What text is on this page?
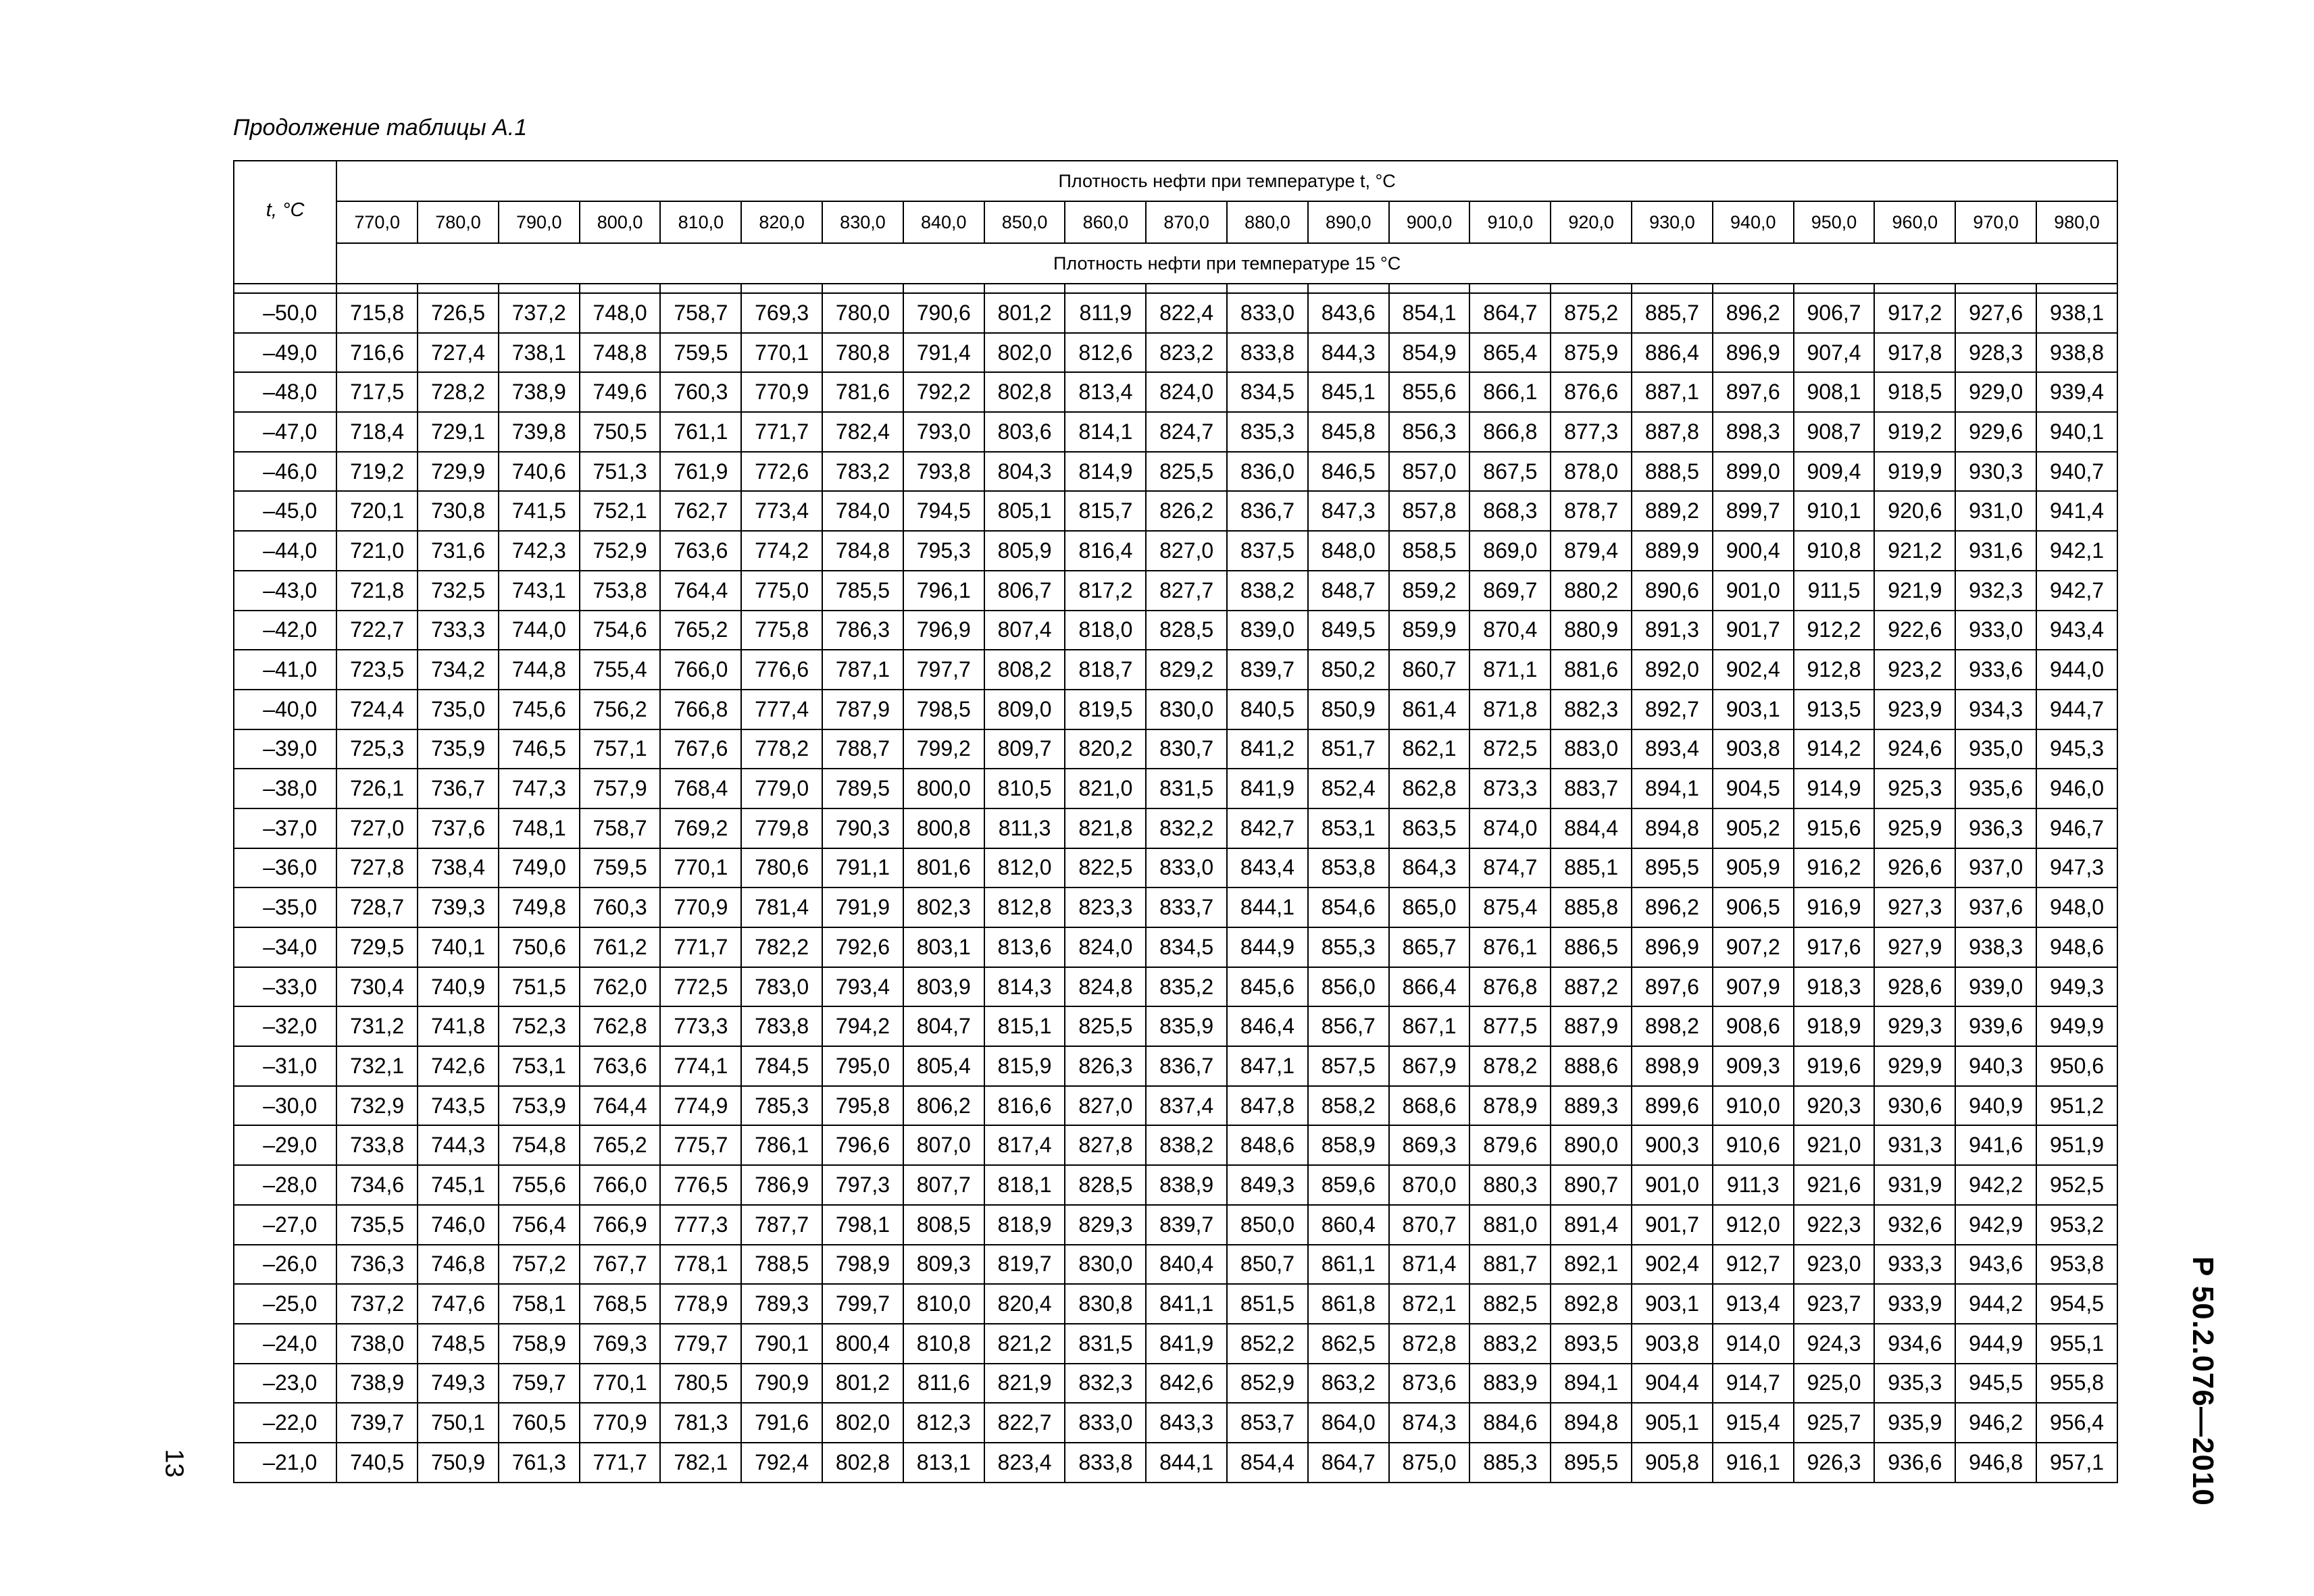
Продолжение таблицы А.1
t, °C	Плотность нефти при температуре t, °C																					
	770,0	780,0	790,0	800,0	810,0	820,0	830,0	840,0	850,0	860,0	870,0	880,0	890,0	900,0	910,0	920,0	930,0	940,0	950,0	960,0	970,0	980,0
	Плотность нефти при температуре 15 °C																					

–50,0	715,8	726,5	737,2	748,0	758,7	769,3	780,0	790,6	801,2	811,9	822,4	833,0	843,6	854,1	864,7	875,2	885,7	896,2	906,7	917,2	927,6	938,1
–49,0	716,6	727,4	738,1	748,8	759,5	770,1	780,8	791,4	802,0	812,6	823,2	833,8	844,3	854,9	865,4	875,9	886,4	896,9	907,4	917,8	928,3	938,8
–48,0	717,5	728,2	738,9	749,6	760,3	770,9	781,6	792,2	802,8	813,4	824,0	834,5	845,1	855,6	866,1	876,6	887,1	897,6	908,1	918,5	929,0	939,4
–47,0	718,4	729,1	739,8	750,5	761,1	771,7	782,4	793,0	803,6	814,1	824,7	835,3	845,8	856,3	866,8	877,3	887,8	898,3	908,7	919,2	929,6	940,1
–46,0	719,2	729,9	740,6	751,3	761,9	772,6	783,2	793,8	804,3	814,9	825,5	836,0	846,5	857,0	867,5	878,0	888,5	899,0	909,4	919,9	930,3	940,7
–45,0	720,1	730,8	741,5	752,1	762,7	773,4	784,0	794,5	805,1	815,7	826,2	836,7	847,3	857,8	868,3	878,7	889,2	899,7	910,1	920,6	931,0	941,4
–44,0	721,0	731,6	742,3	752,9	763,6	774,2	784,8	795,3	805,9	816,4	827,0	837,5	848,0	858,5	869,0	879,4	889,9	900,4	910,8	921,2	931,6	942,1
–43,0	721,8	732,5	743,1	753,8	764,4	775,0	785,5	796,1	806,7	817,2	827,7	838,2	848,7	859,2	869,7	880,2	890,6	901,0	911,5	921,9	932,3	942,7
–42,0	722,7	733,3	744,0	754,6	765,2	775,8	786,3	796,9	807,4	818,0	828,5	839,0	849,5	859,9	870,4	880,9	891,3	901,7	912,2	922,6	933,0	943,4
–41,0	723,5	734,2	744,8	755,4	766,0	776,6	787,1	797,7	808,2	818,7	829,2	839,7	850,2	860,7	871,1	881,6	892,0	902,4	912,8	923,2	933,6	944,0
–40,0	724,4	735,0	745,6	756,2	766,8	777,4	787,9	798,5	809,0	819,5	830,0	840,5	850,9	861,4	871,8	882,3	892,7	903,1	913,5	923,9	934,3	944,7
–39,0	725,3	735,9	746,5	757,1	767,6	778,2	788,7	799,2	809,7	820,2	830,7	841,2	851,7	862,1	872,5	883,0	893,4	903,8	914,2	924,6	935,0	945,3
–38,0	726,1	736,7	747,3	757,9	768,4	779,0	789,5	800,0	810,5	821,0	831,5	841,9	852,4	862,8	873,3	883,7	894,1	904,5	914,9	925,3	935,6	946,0
–37,0	727,0	737,6	748,1	758,7	769,2	779,8	790,3	800,8	811,3	821,8	832,2	842,7	853,1	863,5	874,0	884,4	894,8	905,2	915,6	925,9	936,3	946,7
–36,0	727,8	738,4	749,0	759,5	770,1	780,6	791,1	801,6	812,0	822,5	833,0	843,4	853,8	864,3	874,7	885,1	895,5	905,9	916,2	926,6	937,0	947,3
–35,0	728,7	739,3	749,8	760,3	770,9	781,4	791,9	802,3	812,8	823,3	833,7	844,1	854,6	865,0	875,4	885,8	896,2	906,5	916,9	927,3	937,6	948,0
–34,0	729,5	740,1	750,6	761,2	771,7	782,2	792,6	803,1	813,6	824,0	834,5	844,9	855,3	865,7	876,1	886,5	896,9	907,2	917,6	927,9	938,3	948,6
–33,0	730,4	740,9	751,5	762,0	772,5	783,0	793,4	803,9	814,3	824,8	835,2	845,6	856,0	866,4	876,8	887,2	897,6	907,9	918,3	928,6	939,0	949,3
–32,0	731,2	741,8	752,3	762,8	773,3	783,8	794,2	804,7	815,1	825,5	835,9	846,4	856,7	867,1	877,5	887,9	898,2	908,6	918,9	929,3	939,6	949,9
–31,0	732,1	742,6	753,1	763,6	774,1	784,5	795,0	805,4	815,9	826,3	836,7	847,1	857,5	867,9	878,2	888,6	898,9	909,3	919,6	929,9	940,3	950,6
–30,0	732,9	743,5	753,9	764,4	774,9	785,3	795,8	806,2	816,6	827,0	837,4	847,8	858,2	868,6	878,9	889,3	899,6	910,0	920,3	930,6	940,9	951,2
–29,0	733,8	744,3	754,8	765,2	775,7	786,1	796,6	807,0	817,4	827,8	838,2	848,6	858,9	869,3	879,6	890,0	900,3	910,6	921,0	931,3	941,6	951,9
–28,0	734,6	745,1	755,6	766,0	776,5	786,9	797,3	807,7	818,1	828,5	838,9	849,3	859,6	870,0	880,3	890,7	901,0	911,3	921,6	931,9	942,2	952,5
–27,0	735,5	746,0	756,4	766,9	777,3	787,7	798,1	808,5	818,9	829,3	839,7	850,0	860,4	870,7	881,0	891,4	901,7	912,0	922,3	932,6	942,9	953,2
–26,0	736,3	746,8	757,2	767,7	778,1	788,5	798,9	809,3	819,7	830,0	840,4	850,7	861,1	871,4	881,7	892,1	902,4	912,7	923,0	933,3	943,6	953,8
–25,0	737,2	747,6	758,1	768,5	778,9	789,3	799,7	810,0	820,4	830,8	841,1	851,5	861,8	872,1	882,5	892,8	903,1	913,4	923,7	933,9	944,2	954,5
–24,0	738,0	748,5	758,9	769,3	779,7	790,1	800,4	810,8	821,2	831,5	841,9	852,2	862,5	872,8	883,2	893,5	903,8	914,0	924,3	934,6	944,9	955,1
–23,0	738,9	749,3	759,7	770,1	780,5	790,9	801,2	811,6	821,9	832,3	842,6	852,9	863,2	873,6	883,9	894,1	904,4	914,7	925,0	935,3	945,5	955,8
–22,0	739,7	750,1	760,5	770,9	781,3	791,6	802,0	812,3	822,7	833,0	843,3	853,7	864,0	874,3	884,6	894,8	905,1	915,4	925,7	935,9	946,2	956,4
–21,0	740,5	750,9	761,3	771,7	782,1	792,4	802,8	813,1	823,4	833,8	844,1	854,4	864,7	875,0	885,3	895,5	905,8	916,1	926,3	936,6	946,8	957,1
13	Р 50.2.076—2010
